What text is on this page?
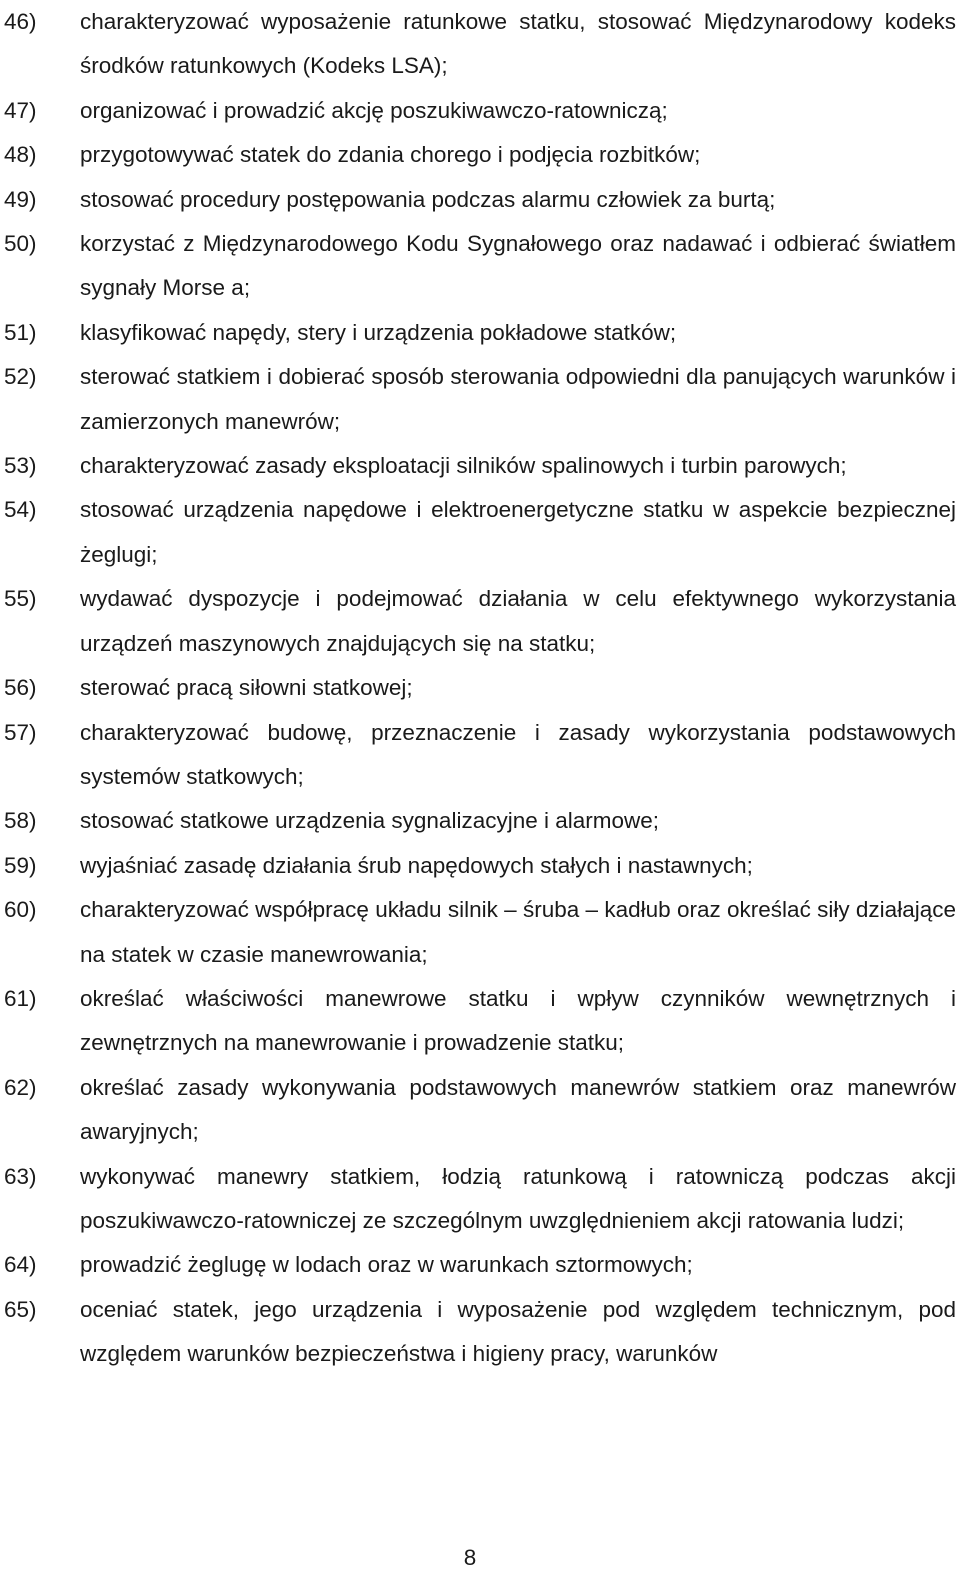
46)	charakteryzować wyposażenie ratunkowe statku, stosować Międzynarodowy kodeks środków ratunkowych (Kodeks LSA);
47)	organizować i prowadzić akcję poszukiwawczo-ratowniczą;
48)	przygotowywać statek do zdania chorego i podjęcia rozbitków;
49)	stosować procedury postępowania podczas alarmu człowiek za burtą;
50)	korzystać z Międzynarodowego Kodu Sygnałowego oraz nadawać i odbierać światłem sygnały Morse a;
51)	klasyfikować napędy, stery i urządzenia pokładowe statków;
52)	sterować statkiem i dobierać sposób sterowania odpowiedni dla panujących warunków i zamierzonych manewrów;
53)	charakteryzować zasady eksploatacji silników spalinowych i turbin parowych;
54)	stosować urządzenia napędowe i elektroenergetyczne statku w aspekcie bezpiecznej żeglugi;
55)	wydawać dyspozycje i podejmować działania w celu efektywnego wykorzystania urządzeń maszynowych znajdujących się na statku;
56)	sterować pracą siłowni statkowej;
57)	charakteryzować budowę, przeznaczenie i zasady wykorzystania podstawowych systemów statkowych;
58)	stosować statkowe urządzenia sygnalizacyjne i alarmowe;
59)	wyjaśniać zasadę działania śrub napędowych stałych i nastawnych;
60)	charakteryzować współpracę układu silnik – śruba – kadłub oraz określać siły działające na statek w czasie manewrowania;
61)	określać właściwości manewrowe statku i wpływ czynników wewnętrznych i zewnętrznych na manewrowanie i prowadzenie statku;
62)	określać zasady wykonywania podstawowych manewrów statkiem oraz manewrów awaryjnych;
63)	wykonywać manewry statkiem, łodzią ratunkową i ratowniczą podczas akcji poszukiwawczo-ratowniczej ze szczególnym uwzględnieniem akcji ratowania ludzi;
64)	prowadzić żeglugę w lodach oraz w warunkach sztormowych;
65)	oceniać statek, jego urządzenia i wyposażenie pod względem technicznym, pod względem warunków bezpieczeństwa i higieny pracy, warunków
8
